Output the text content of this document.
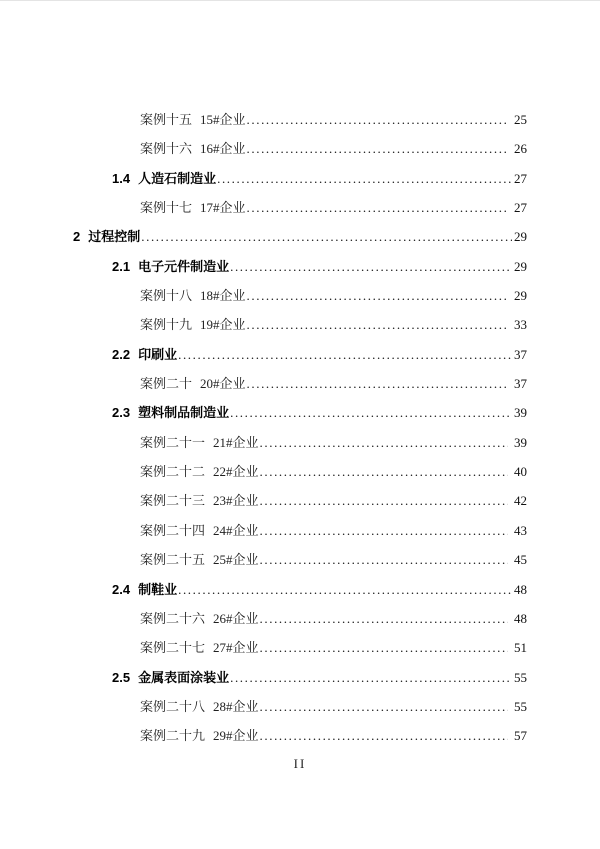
案例十五 15#企业 .....	25
案例十六 16#企业 .....	26
1.4 人造石制造业 .....	27
案例十七 17#企业 .....	27
2 过程控制 .....	29
2.1 电子元件制造业 .....	29
案例十八 18#企业 .....	29
案例十九 19#企业 .....	33
2.2 印刷业 .....	37
案例二十 20#企业 .....	37
2.3 塑料制品制造业 .....	39
案例二十一 21#企业 .....	39
案例二十二 22#企业 .....	40
案例二十三 23#企业 .....	42
案例二十四 24#企业 .....	43
案例二十五 25#企业 .....	45
2.4 制鞋业 .....	48
案例二十六 26#企业 .....	48
案例二十七 27#企业 .....	51
2.5 金属表面涂装业 .....	55
案例二十八 28#企业 .....	55
案例二十九 29#企业 .....	57
II
